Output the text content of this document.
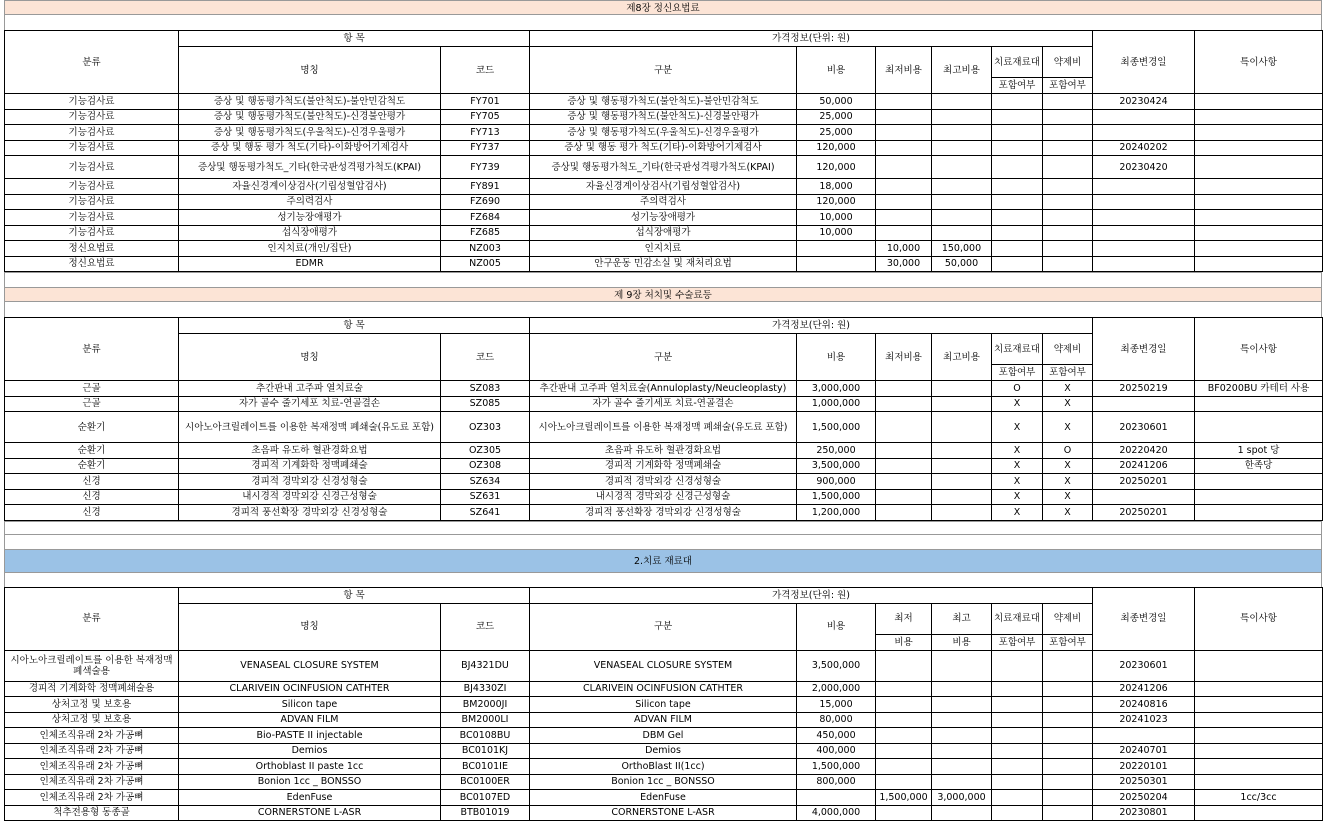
제8장 정신요법료
분류	항 목		가격정보(단위: 원)						최종변경일	특이사항
	명칭	코드	구분	비용	최저비용	최고비용	치료재료대	약제비		
							포함여부	포함여부		
기능검사료	증상 및 행동평가척도(불안척도)-불안민감척도	FY701	증상 및 행동평가척도(불안척도)-불안민감척도	50,000					20230424	
기능검사료	증상 및 행동평가척도(불안척도)-신경불안평가	FY705	증상 및 행동평가척도(불안척도)-신경불안평가	25,000						
기능검사료	증상 및 행동평가척도(우울척도)-신경우울평가	FY713	증상 및 행동평가척도(우울척도)-신경우울평가	25,000						
기능검사료	증상 및 행동 평가 척도(기타)-이화방어기제검사	FY737	증상 및 행동 평가 척도(기타)-이화방어기제검사	120,000					20240202	
기능검사료	증상및 행동평가척도_기타(한국판성격평가척도(KPAI)	FY739	증상및 행동평가척도_기타(한국판성격평가척도(KPAI)	120,000					20230420	
기능검사료	자율신경계이상검사(기립성혈압검사)	FY891	자율신경계이상검사(기립성혈압검사)	18,000						
기능검사료	주의력검사	FZ690	주의력검사	120,000						
기능검사료	성기능장애평가	FZ684	성기능장애평가	10,000						
기능검사료	섭식장애평가	FZ685	섭식장애평가	10,000						
정신요법료	인지치료(개인/집단)	NZ003	인지치료		10,000	150,000				
정신요법료	EDMR	NZ005	안구운동 민감소실 및 재처리요법		30,000	50,000				
제 9장 처치및 수술료등
분류	항 목		가격정보(단위: 원)						최종변경일	특이사항
	명칭	코드	구분	비용	최저비용	최고비용	치료재료대	약제비		
							포함여부	포함여부		
근골	추간판내 고주파 열치료술	SZ083	추간판내 고주파 열치료술(Annuloplasty/Neucleoplasty)	3,000,000			O	X	20250219	BF0200BU 카테터 사용
근골	자가 골수 줄기세포 치료-연골결손	SZ085	자가 골수 줄기세포 치료-연골결손	1,000,000			X	X		
순환기	시아노아크릴레이트를 이용한 복재정맥 폐쇄술(유도료 포함)	OZ303	시아노아크릴레이트를 이용한 복재정맥 폐쇄술(유도료 포함)	1,500,000			X	X	20230601	
순환기	초음파 유도하 혈관경화요법	OZ305	초음파 유도하 혈관경화요법	250,000			X	O	20220420	1 spot 당
순환기	경피적 기계화학 정맥폐쇄술	OZ308	경피적 기계화학 정맥폐쇄술	3,500,000			X	X	20241206	한족당
신경	경피적 경막외강 신경성형술	SZ634	경피적 경막외강 신경성형술	900,000			X	X	20250201	
신경	내시경적 경막외강 신경근성형술	SZ631	내시경적 경막외강 신경근성형술	1,500,000			X	X		
신경	경피적 풍선확장 경막외강 신경성형술	SZ641	경피적 풍선확장 경막외강 신경성형술	1,200,000			X	X	20250201	
2.치료 재료대
분류	항 목		가격정보(단위: 원)						최종변경일	특이사항
	명칭	코드	구분	비용	최저	최고	치료재료대	약제비		
					비용	비용	포함여부	포함여부		
시아노아크릴레이트를 이용한 복재정맥 폐색술용	VENASEAL CLOSURE SYSTEM	BJ4321DU	VENASEAL CLOSURE SYSTEM	3,500,000					20230601	
경피적 기계화학 정맥폐쇄술용	CLARIVEIN OCINFUSION CATHTER	BJ4330ZI	CLARIVEIN OCINFUSION CATHTER	2,000,000					20241206	
상처고정 및 보호용	Silicon tape	BM2000JI	Silicon tape	15,000					20240816	
상처고정 및 보호용	ADVAN FILM	BM2000LI	ADVAN FILM	80,000					20241023	
인체조직유래 2차 가공뼈	Bio-PASTE II injectable	BC0108BU	DBM Gel	450,000						
인체조직유래 2차 가공뼈	Demios	BC0101KJ	Demios	400,000					20240701	
인체조직유래 2차 가공뼈	Orthoblast II paste 1cc	BC0101IE	OrthoBlast II(1cc)	1,500,000					20220101	
인체조직유래 2차 가공뼈	Bonion 1cc _ BONSSO	BC0100ER	Bonion 1cc _ BONSSO	800,000					20250301	
인체조직유래 2차 가공뼈	EdenFuse	BC0107ED	EdenFuse		1,500,000	3,000,000			20250204	1cc/3cc
척추전용형 동종골	CORNERSTONE L-ASR	BTB01019	CORNERSTONE L-ASR	4,000,000					20230801	
